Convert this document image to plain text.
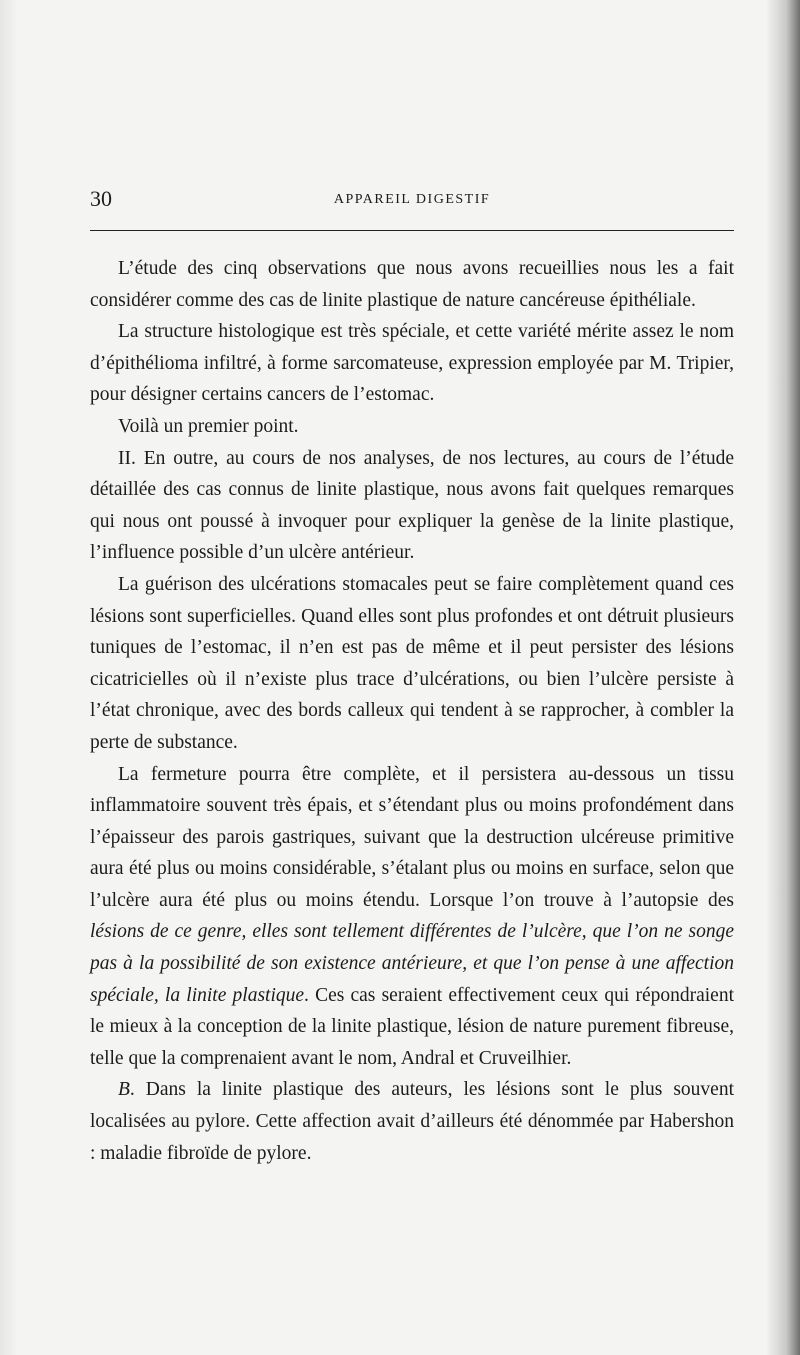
30	APPAREIL DIGESTIF

L’étude des cinq observations que nous avons recueillies nous les a fait considérer comme des cas de linite plastique de nature cancéreuse épithéliale.

La structure histologique est très spéciale, et cette variété mérite assez le nom d’épithélioma infiltré, à forme sarcomateuse, expression employée par M. Tripier, pour désigner certains cancers de l’estomac.

Voilà un premier point.

II. En outre, au cours de nos analyses, de nos lectures, au cours de l’étude détaillée des cas connus de linite plastique, nous avons fait quelques remarques qui nous ont poussé à invoquer pour expliquer la genèse de la linite plastique, l’influence possible d’un ulcère antérieur.

La guérison des ulcérations stomacales peut se faire complètement quand ces lésions sont superficielles. Quand elles sont plus profondes et ont détruit plusieurs tuniques de l’estomac, il n’en est pas de même et il peut persister des lésions cicatricielles où il n’existe plus trace d’ulcérations, ou bien l’ulcère persiste à l’état chronique, avec des bords calleux qui tendent à se rapprocher, à combler la perte de substance.

La fermeture pourra être complète, et il persistera au-dessous un tissu inflammatoire souvent très épais, et s’étendant plus ou moins profondément dans l’épaisseur des parois gastriques, suivant que la destruction ulcéreuse primitive aura été plus ou moins considérable, s’étalant plus ou moins en surface, selon que l’ulcère aura été plus ou moins étendu. Lorsque l’on trouve à l’autopsie des lésions de ce genre, elles sont tellement différentes de l’ulcère, que l’on ne songe pas à la possibilité de son existence antérieure, et que l’on pense à une affection spéciale, la linite plastique. Ces cas seraient effectivement ceux qui répondraient le mieux à la conception de la linite plastique, lésion de nature purement fibreuse, telle que la comprenaient avant le nom, Andral et Cruveilhier.

B. Dans la linite plastique des auteurs, les lésions sont le plus souvent localisées au pylore. Cette affection avait d’ailleurs été dénommée par Habershon : maladie fibroïde de pylore.
